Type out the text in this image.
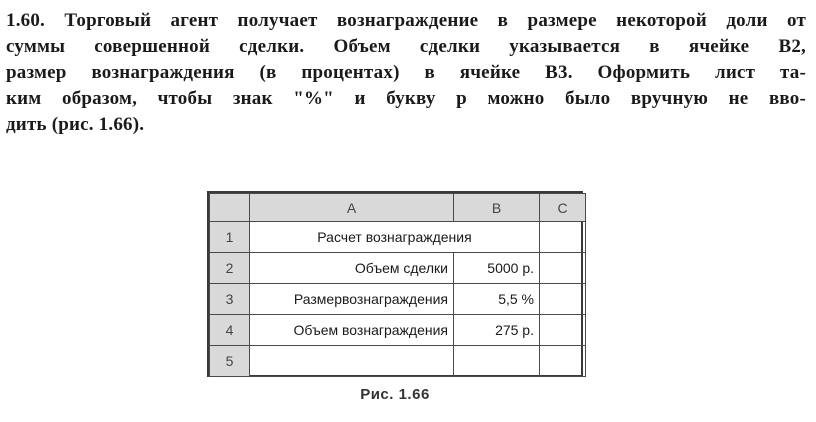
1.60. Торговый агент получает вознаграждение в размере некоторой доли от
суммы совершенной сделки. Объем сделки указывается в ячейке В2,
размер вознаграждения (в процентах) в ячейке В3. Оформить лист та-
ким образом, чтобы знак "%" и букву р можно было вручную не вво-
дить (рис. 1.66).
	A	B	C
1	Расчет вознаграждения		
2	Объем сделки	5000 р.	
3	Размервознаграждения	5,5 %	
4	Объем вознаграждения	275 р.	
5			
Рис. 1.66
